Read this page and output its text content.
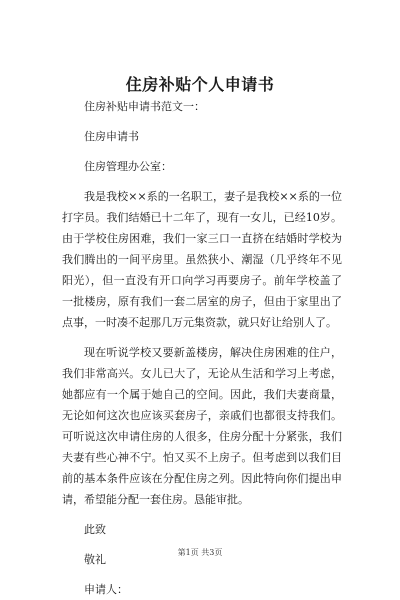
住房补贴个人申请书

住房补贴申请书范文一：

住房申请书

住房管理办公室：

我是我校××系的一名职工，妻子是我校××系的一位打字员。我们结婚已十二年了，现有一女儿，已经10岁。由于学校住房困难，我们一家三口一直挤在结婚时学校为我们腾出的一间平房里。虽然狭小、潮湿（几乎终年不见阳光），但一直没有开口向学习再要房子。前年学校盖了一批楼房，原有我们一套二居室的房子，但由于家里出了点事，一时凑不起那几万元集资款，就只好让给别人了。

现在听说学校又要新盖楼房，解决住房困难的住户，我们非常高兴。女儿已大了，无论从生活和学习上考虑，她都应有一个属于她自己的空间。因此，我们夫妻商量，无论如何这次也应该买套房子，亲戚们也都很支持我们。可听说这次申请住房的人很多，住房分配十分紧张，我们夫妻有些心神不宁。怕又买不上房子。但考虑到以我们目前的基本条件应该在分配住房之列。因此特向你们提出申请，希望能分配一套住房。恳能审批。

此致

敬礼

申请人：

第1页 共3页
